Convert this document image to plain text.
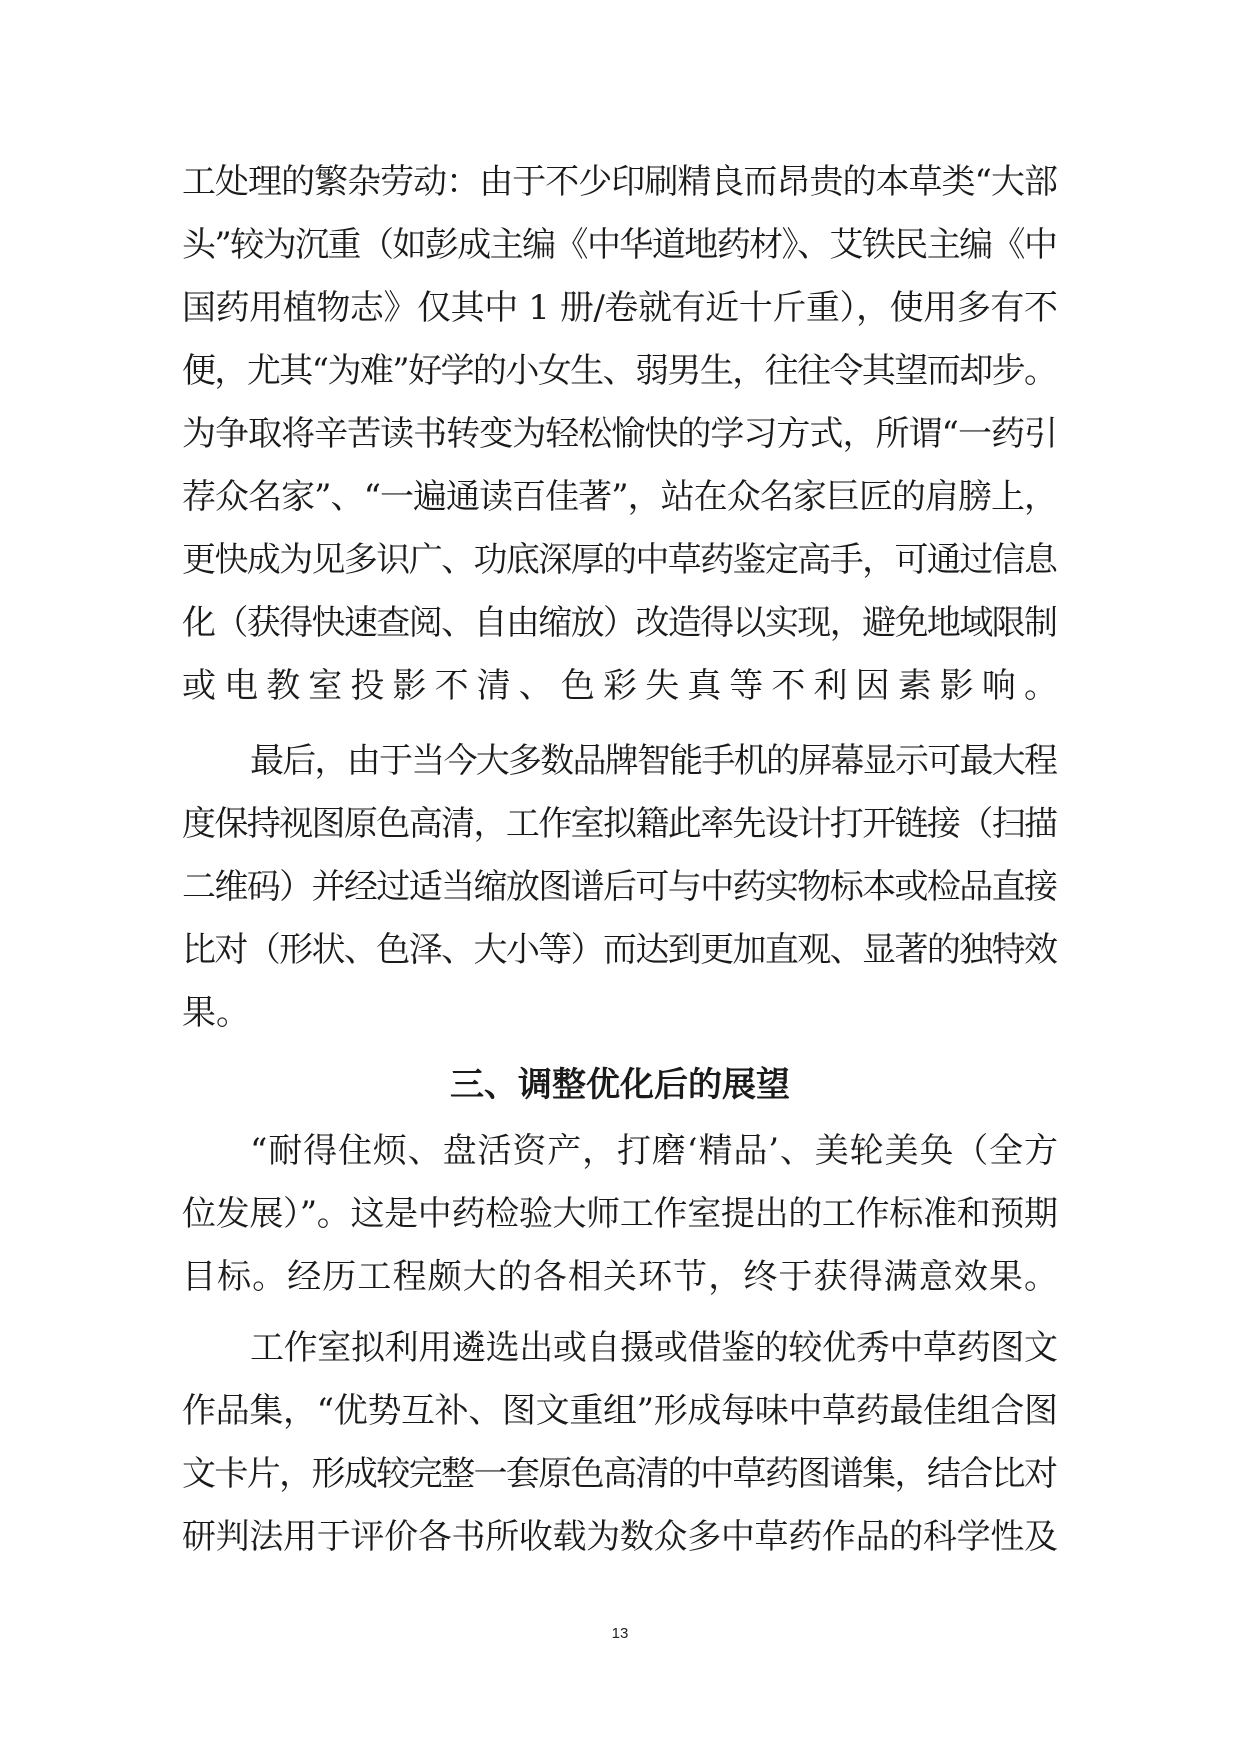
工处理的繁杂劳动：由于不少印刷精良而昂贵的本草类“大部
头”较为沉重（如彭成主编《中华道地药材》、艾铁民主编《中
国药用植物志》仅其中 1 册/卷就有近十斤重），使用多有不
便，尤其“为难”好学的小女生、弱男生，往往令其望而却步。
为争取将辛苦读书转变为轻松愉快的学习方式，所谓“一药引
荐众名家”、“一遍通读百佳著”，站在众名家巨匠的肩膀上，
更快成为见多识广、功底深厚的中草药鉴定高手，可通过信息
化（获得快速查阅、自由缩放）改造得以实现，避免地域限制
或电教室投影不清、色彩失真等不利因素影响。
最后，由于当今大多数品牌智能手机的屏幕显示可最大程
度保持视图原色高清，工作室拟籍此率先设计打开链接（扫描
二维码）并经过适当缩放图谱后可与中药实物标本或检品直接
比对（形状、色泽、大小等）而达到更加直观、显著的独特效
果。
三、调整优化后的展望
“耐得住烦、盘活资产，打磨‘精品’、美轮美奂（全方
位发展）”。这是中药检验大师工作室提出的工作标准和预期
目标。经历工程颇大的各相关环节，终于获得满意效果。
工作室拟利用遴选出或自摄或借鉴的较优秀中草药图文
作品集，“优势互补、图文重组”形成每味中草药最佳组合图
文卡片，形成较完整一套原色高清的中草药图谱集，结合比对
研判法用于评价各书所收载为数众多中草药作品的科学性及
13
